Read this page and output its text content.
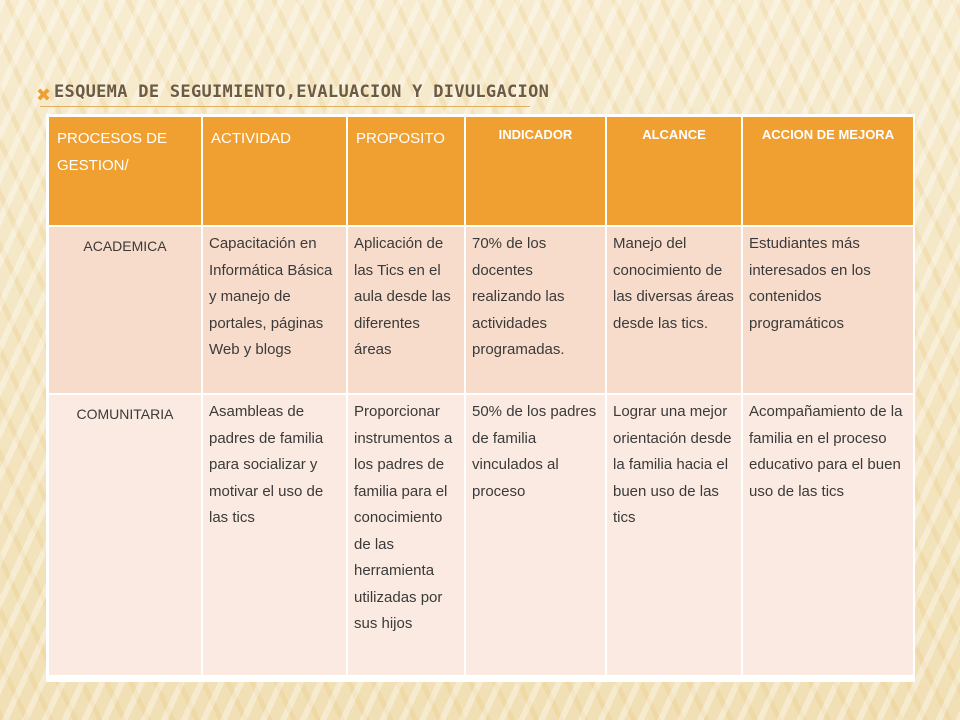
✖ ESQUEMA DE SEGUIMIENTO,EVALUACION Y DIVULGACION
PROCESOS DE GESTION/	ACTIVIDAD	PROPOSITO	INDICADOR	ALCANCE	ACCION DE MEJORA

ACADEMICA	Capacitación en Informática Básica y manejo de portales, páginas Web y blogs	Aplicación de las Tics en el aula desde las diferentes áreas	70% de los docentes realizando las actividades programadas.	Manejo del conocimiento de las diversas áreas desde las tics.	Estudiantes más interesados en los contenidos programáticos

COMUNITARIA	Asambleas de padres de familia para socializar y motivar el uso de las tics	Proporcionar instrumentos a los padres de familia para el conocimiento de las herramienta utilizadas por sus hijos	50% de los padres de familia vinculados al proceso	Lograr una mejor orientación desde la familia hacia el buen uso de las tics	Acompañamiento de la familia en el proceso educativo para el buen uso de las tics
